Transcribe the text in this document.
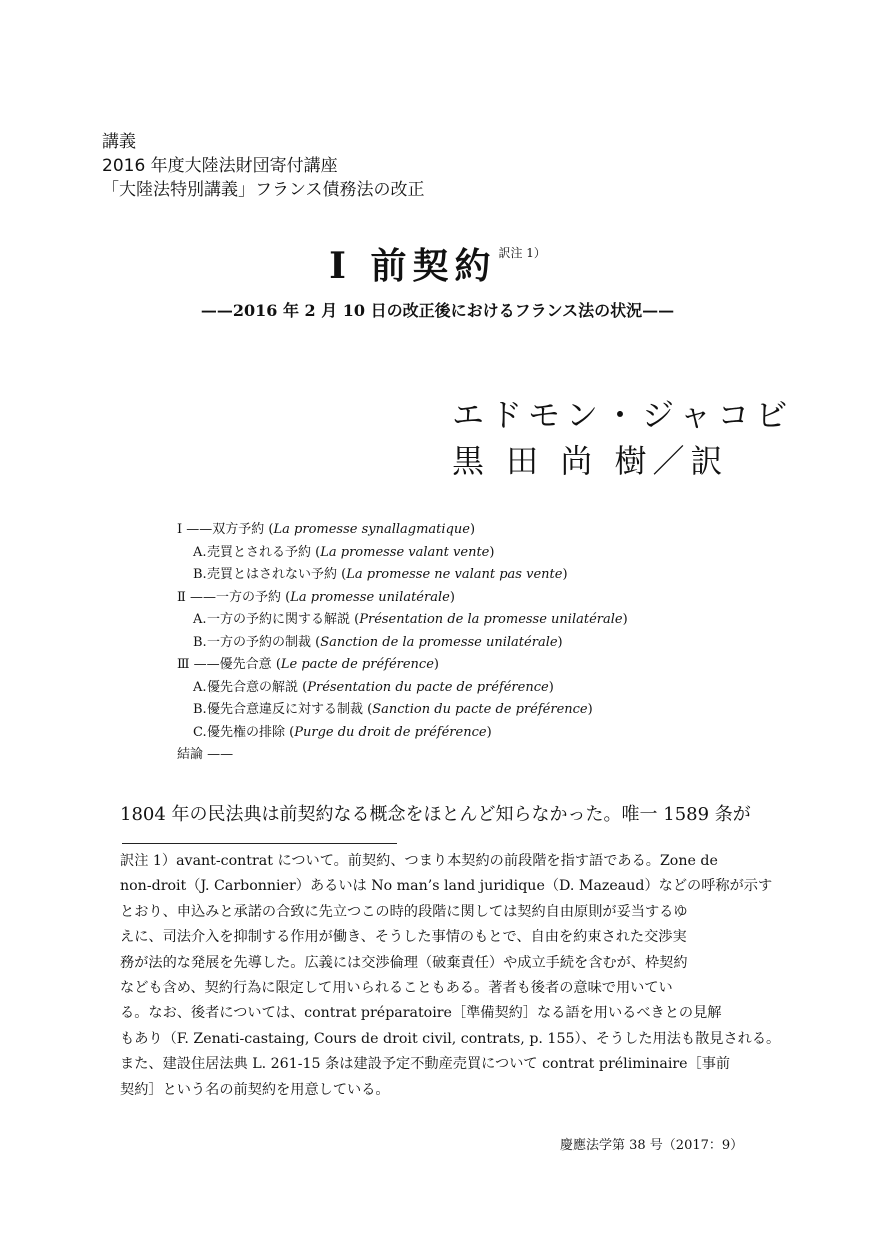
講義
2016 年度大陸法財団寄付講座
「大陸法特別講義」フランス債務法の改正
Ⅰ 前契約 $^{訳注 1)}$
——2016 年 2 月 10 日の改正後におけるフランス法の状況——
エドモン・ジャコビ
黒 田 尚 樹／訳
Ⅰ ——双方予約 (La promesse synallagmatique)
A.売買とされる予約 (La promesse valant vente)
B.売買とはされない予約 (La promesse ne valant pas vente)
Ⅱ ——一方の予約 (La promesse unilatérale)
A.一方の予約に関する解説 (Présentation de la promesse unilatérale)
B.一方の予約の制裁 (Sanction de la promesse unilatérale)
Ⅲ ——優先合意 (Le pacte de préférence)
A.優先合意の解説 (Présentation du pacte de préférence)
B.優先合意違反に対する制裁 (Sanction du pacte de préférence)
C.優先権の排除 (Purge du droit de préférence)
結論 ——
1804 年の民法典は前契約なる概念をほとんど知らなかった。唯一 1589 条が
訳注 1）avant-contrat について。前契約、つまり本契約の前段階を指す語である。Zone de
non-droit（J. Carbonnier）あるいは No man’s land juridique（D. Mazeaud）などの呼称が示す
とおり、申込みと承諾の合致に先立つこの時的段階に関しては契約自由原則が妥当するゆ
えに、司法介入を抑制する作用が働き、そうした事情のもとで、自由を約束された交渉実
務が法的な発展を先導した。広義には交渉倫理（破棄責任）や成立手続を含むが、枠契約
なども含め、契約行為に限定して用いられることもある。著者も後者の意味で用いてい
る。なお、後者については、contrat préparatoire［準備契約］なる語を用いるべきとの見解
もあり（F. Zenati-castaing, Cours de droit civil, contrats, p. 155）、そうした用法も散見される。
また、建設住居法典 L. 261-15 条は建設予定不動産売買について contrat préliminaire［事前
契約］という名の前契約を用意している。
慶應法学第 38 号（2017：9）
